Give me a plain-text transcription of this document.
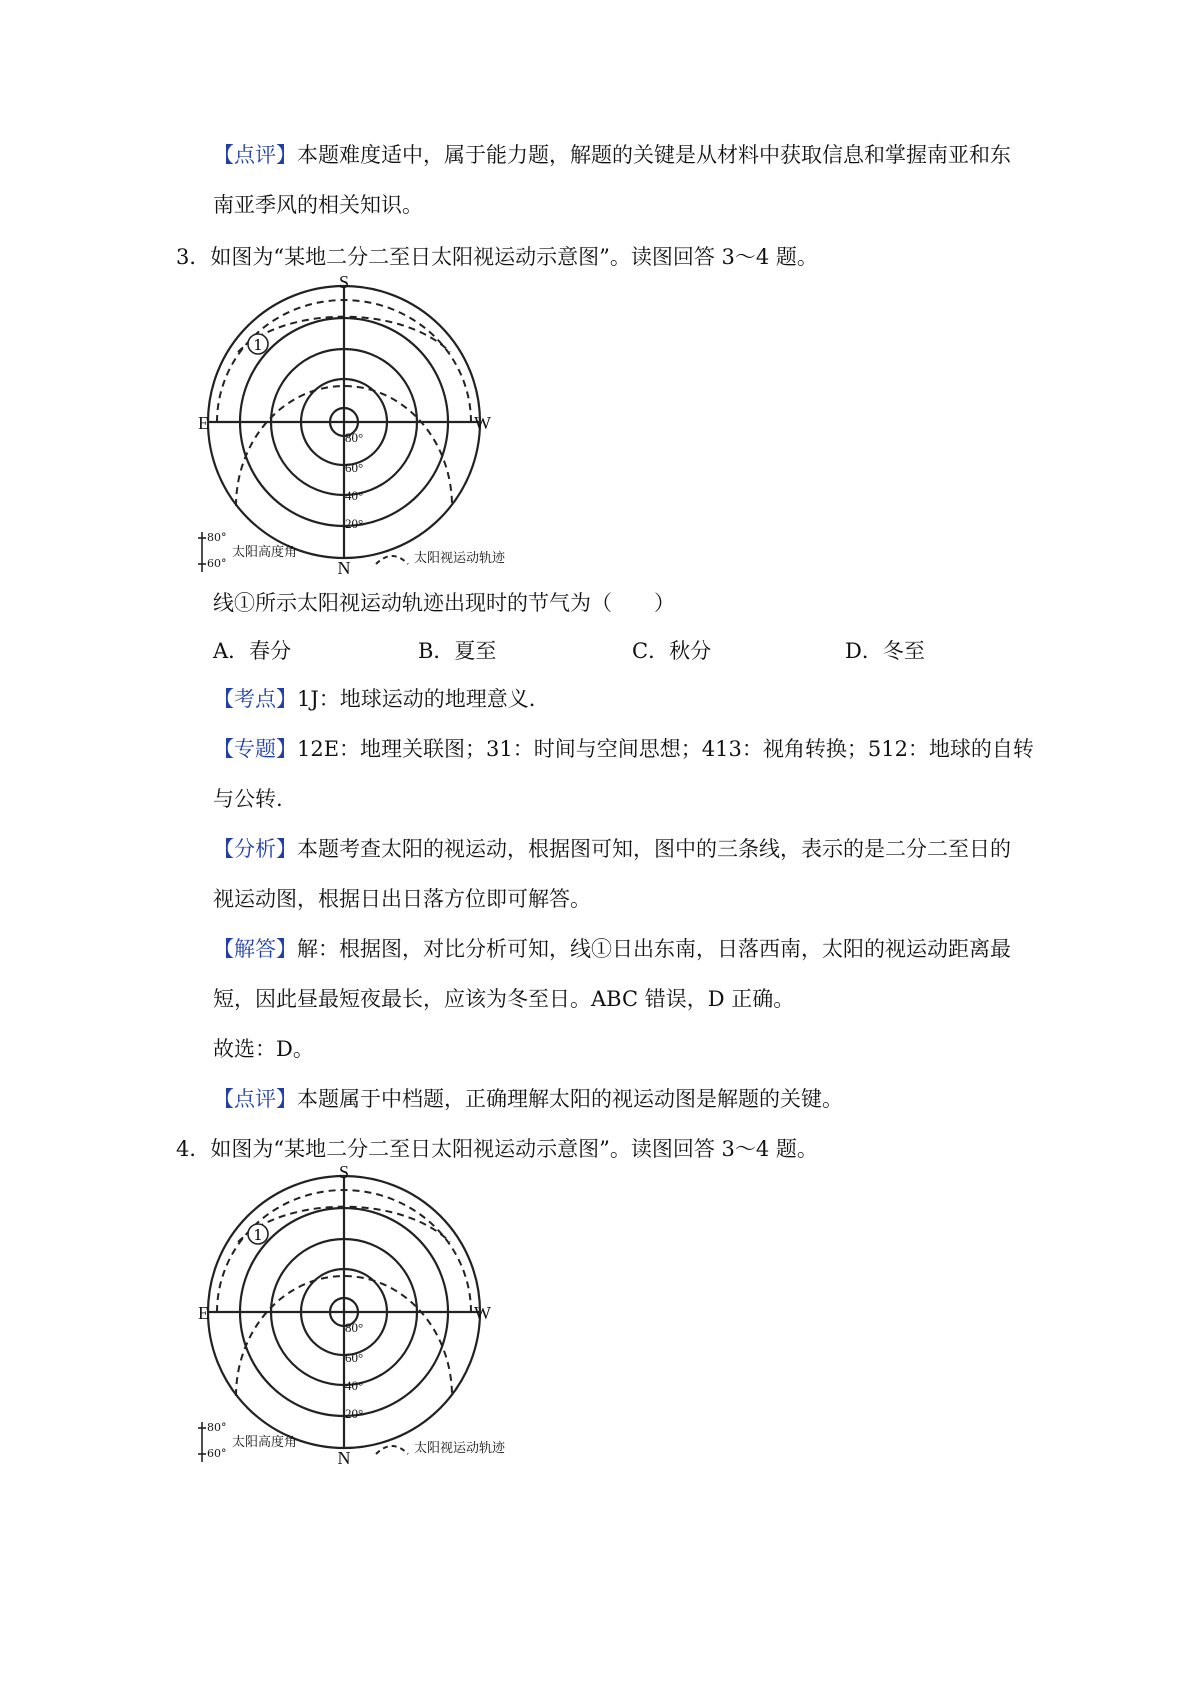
【点评】本题难度适中，属于能力题，解题的关键是从材料中获取信息和掌握南亚和东
南亚季风的相关知识。
3．如图为“某地二分二至日太阳视运动示意图”。读图回答 3～4 题。
1
S
N
E	W
80°
60°
40°
20°
80°
60°
太阳高度角	太阳视运动轨迹
线①所示太阳视运动轨迹出现时的节气为（　　）
A．春分	B．夏至	C．秋分	D．冬至
【考点】1J：地球运动的地理意义.
【专题】12E：地理关联图；31：时间与空间思想；413：视角转换；512：地球的自转
与公转.
【分析】本题考查太阳的视运动，根据图可知，图中的三条线，表示的是二分二至日的
视运动图，根据日出日落方位即可解答。
【解答】解：根据图，对比分析可知，线①日出东南，日落西南，太阳的视运动距离最
短，因此昼最短夜最长，应该为冬至日。ABC 错误，D 正确。
故选：D。
【点评】本题属于中档题，正确理解太阳的视运动图是解题的关键。
4．如图为“某地二分二至日太阳视运动示意图”。读图回答 3～4 题。
1
S
N
E	W
80°
60°
40°
20°
80°
60°
太阳高度角	太阳视运动轨迹
